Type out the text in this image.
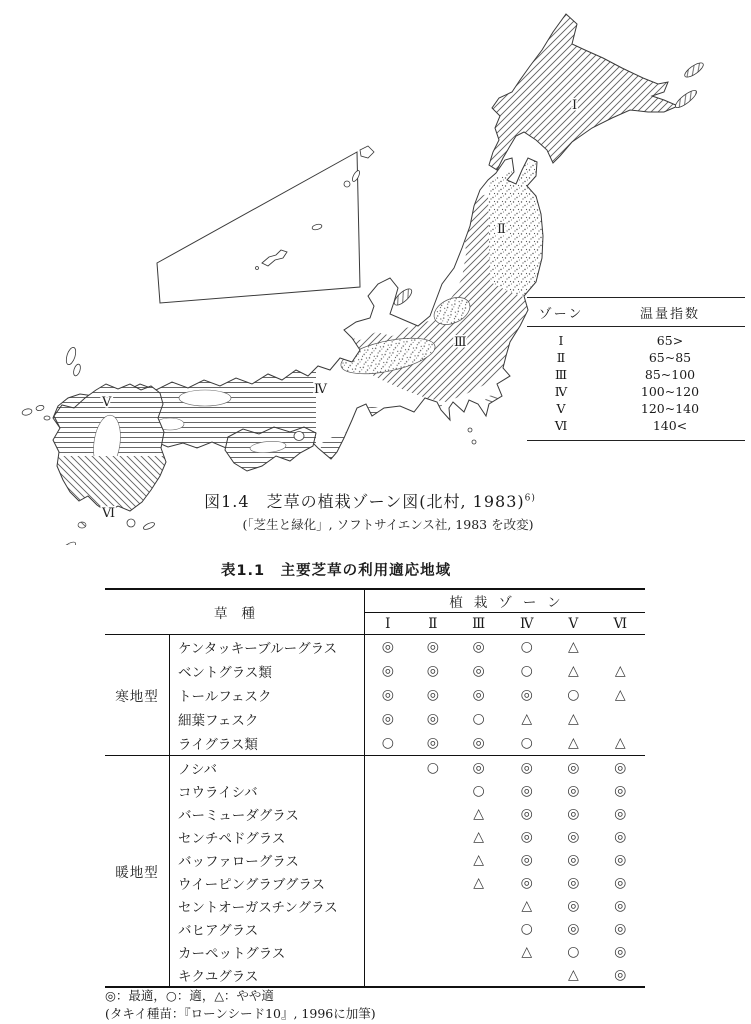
Ⅰ
Ⅱ
Ⅲ
Ⅳ
Ⅴ
Ⅵ
ゾーン	温量指数
Ⅰ	65>
Ⅱ	65~85
Ⅲ	85~100
Ⅳ	100~120
Ⅴ	120~140
Ⅵ	140<
図1.4　 芝草の植栽ゾーン図(北村, 1983)$^{6)}$
(「芝生と緑化」, ソフトサイエンス社, 1983 を改変)
表1.1　主要芝草の利用適応地域
草種		植栽ゾーン					
		Ⅰ	Ⅱ	Ⅲ	Ⅳ	Ⅴ	Ⅵ
寒地型	ケンタッキーブルーグラス	◎	◎	◎	○	△	
	ベントグラス類	◎	◎	◎	○	△	△
	トールフェスク	◎	◎	◎	◎	○	△
	細葉フェスク	◎	◎	○	△	△	
	ライグラス類	○	◎	◎	○	△	△
暖地型	ノシバ		○	◎	◎	◎	◎
	コウライシバ			○	◎	◎	◎
	バーミューダグラス			△	◎	◎	◎
	センチペドグラス			△	◎	◎	◎
	バッファローグラス			△	◎	◎	◎
	ウイーピングラブグラス			△	◎	◎	◎
	セントオーガスチングラス				△	◎	◎
	バヒアグラス				○	◎	◎
	カーペットグラス				△	○	◎
	キクユグラス					△	◎
◎：最適，○：適，△：やや適
(タキイ種苗：『ローンシード10』, 1996に加筆)
